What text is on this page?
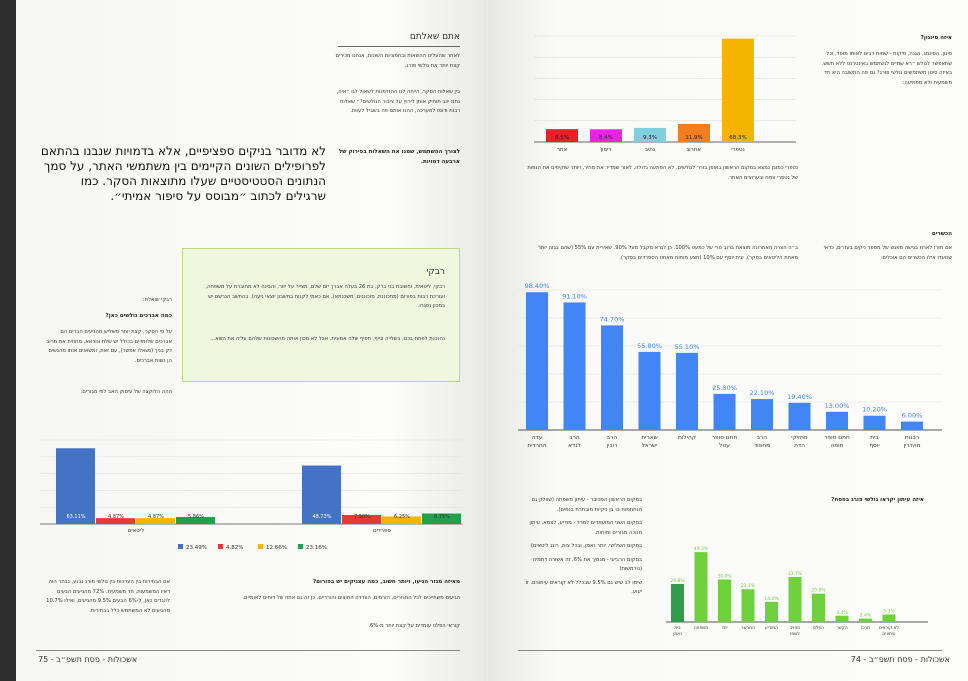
אתם שאלתם
לאחר שהעלינו ההשאות ובחמוניות השונות, אנחנו מכירים קצת יותר את גולשי פורג.
בין שאלות הסקר, הייתה לנו ההזדמנות לשאול לגו ״איה, נחמ יכב תותיק אותן לירוץ על ציבור הגולשים?״ שאלות רבות ודומו למערכה, ההנו אותם פה בשביל לעוות.
לצורך ההשתמש, שמנו את השאלות בפירוק של ארבעה דמויות.
לא מדובר בניקים ספציפיים, אלא בדמויות שנבנו בהתאם לפרופילים השונים הקיימים בין משתמשי האתר, על סמך הנתונים הסטטיסטיים שעלו מתוצאות הסקר. כמו שרגילים לכתוב ״מבוסס על סיפור אמיתי״.
רבקי
רבקי, ליטאית, וחשובת בני ברק, בת 26 בעלה אברך יזם שלם, מצייר על יזור, והבינה לא מחוברת על משפחה, ועורכת רבות בפורום (מתכוננת, מוכוננים, משכנתא), אם כאמי לקנות בחשבון יוצאי ניעה). בהחשב הגרשם יש במכון נסגרו.
נהנכנת לפתח בכם, בשלייה ונייף, חפיף שלה אמונית, אבל לא מכון אותה מהשכונות שלהם עליה את השא...
רבקי שואלת:
כמה אברכים גולשים כאן?
על פי הסקר, קצת יותר משליש מהגיעים הברים הם אברכים שלומדים בכולל יש שלת ונוראא, מחוזית את מרוב דק בניך (נשאלו אפשר), עם זאת, ומשאוים אותו מהגשים הן נשות אברכים.
ההה הלוקצה של עיסוק האב לפי מגזרים:
63.11%	4.87%	4.87%	5.86%
ליטאים
48.73%	7.50%	6.25%	8.75%
ספרדים
23.49%	4.82%	12.66%	23.16%
מאיזה מגזר הגיעו, ויותר חשוב, כמה עצניקים יש בפורום?
הגיעים משתייכים לכל המגזרים, הורמים, הצדדה החוצים והורדיים. כן זה גם אחוז של דוחים לאומיים.
קוראי הפלט עומדים על קצת יותר מ-6%.
אם הבחירות בין הערכות בין גולשי פורג נבנע, נבחר הוה ראיו המשמעות, חד משמעית. 72% מהגיעים הבעים להגדים כאן, ל-6% הבעים 9.5% מהגיעים, ואילו 10.7% מהגיעים לא המשתמש כלל בבחירות.
אשכולות - פסח תשפ״ב - 75
איזה סינגון?
סינון, הסינמג, הגנה, פיקוח - שמות רבים לאותו מוסד, וכל שתאפשר לגולש ״רא שמיים לגשתמש באינטרנט ללא חשש. באיזה סינון משתמשים גולשי פורג? גם פה התשובה היא חד משמעית ולא מפתיעה:
8.5%
אחר
8.4%
רימון
9.3%
נתיב
11.9%
אתרוג
68.3%
נטפרי
נטפרי כמובן נמצא במקום הראשון באופן בורר לגולשים. לא הפתעה גדולה, לאור שמדיר את מחיר, ויותר שוקיפים את הגפות של נטפרי צמח ובערוצים האתר.
הכשרים
אם חזרו לארוז בגישה מפגש של מספר ניקים בעזרים, כדאי שנועדו אילו הכשרים הם אוכלים:
ב״ה הצרה האחרונה מוצאת ברוב טרי של כמעט 100%. כן לגרא מקבל מעל 90%. שאירית עם 55% (שהם בגזה יותר מאחת הליטאים בסקר), וגית יוסף עם 10% (חצע מוחות מאחוז הספרדים בסקר).
98.40%
עדה
החרדית
91.10%
הרב
לנדא
74.70%
הרב
רובין
55.80%
שארית
ישראל
55.10%
קהילות
25.80%
חתם סופר
עטל
22.10%
הרב
מחפוד
19.40%
מחזיקי
הדת
13.00%
חתם סופר
חומה
10.20%
בית
יוסף
6.00%
רבנות
מהדרין
במקום הראשון המכובר - עיתון משפחה (שוולק גם הנחתמות בו בן ניקיות מובחרת בנמים).
במקום השני המועמדים למרד - מודיע, לצמא, עיתון חנוכה מגזרים ומוחות.
במקום השלישי, יותר נאמן, ובכל צות, רוגג ליטאים)
במקום הרביעי - מגמיך את 6%, זה אשורה דתמיה (גורמשות)
שימו לב שיש גם 9.5% שבכלל לא קוראים עיתונים. זו יעוע.
איזה עיתון יקראו גולשי פורג בפסח?
26.8%
בית
נאמן
49.3%
משפחה
30.0%
יתד
23.1%
המבשר
14.2%
המודיע
31.7%
מחויב
לשמו
20.0%
הפלס
4.4%
הקשר
2.4%
מרכז
5.3%
לא קוראים
עיתונים
74 - אשכולות - פסח תשפ״ב
